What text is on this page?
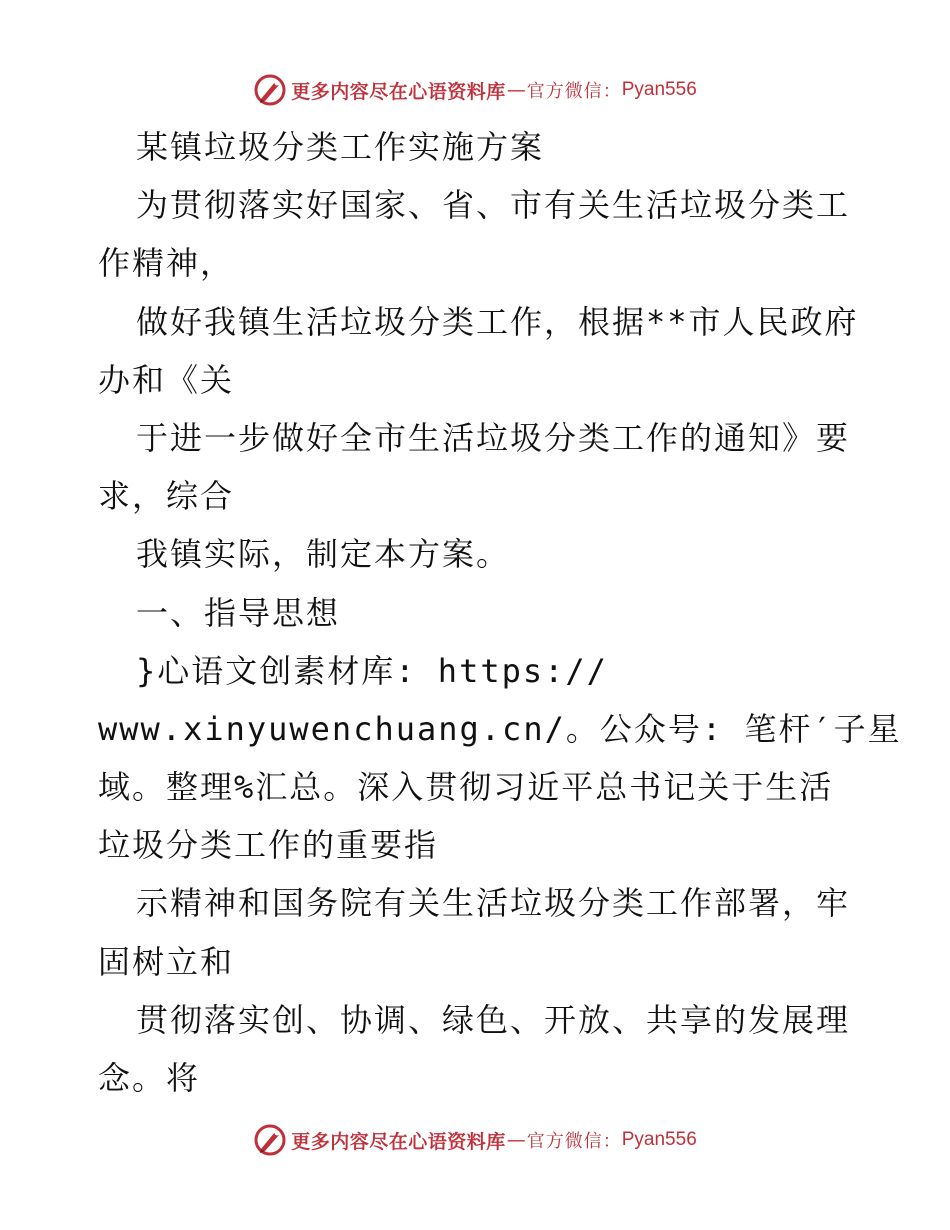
更多内容尽在心语资料库 — 官方微信： Pyan556
某镇垃圾分类工作实施方案
为贯彻落实好国家、省、市有关生活垃圾分类工
作精神，
做好我镇生活垃圾分类工作，根据**市人民政府
办和《关
于进一步做好全市生活垃圾分类工作的通知》要
求，综合
我镇实际，制定本方案。
一、指导思想
}心语文创素材库: https://
www.xinyuwenchuang.cn/。公众号: 笔杆′子星
域。整理%汇总。深入贯彻习近平总书记关于生活
垃圾分类工作的重要指
示精神和国务院有关生活垃圾分类工作部署，牢
固树立和
贯彻落实创、协调、绿色、开放、共享的发展理
念。将
更多内容尽在心语资料库 — 官方微信： Pyan556
